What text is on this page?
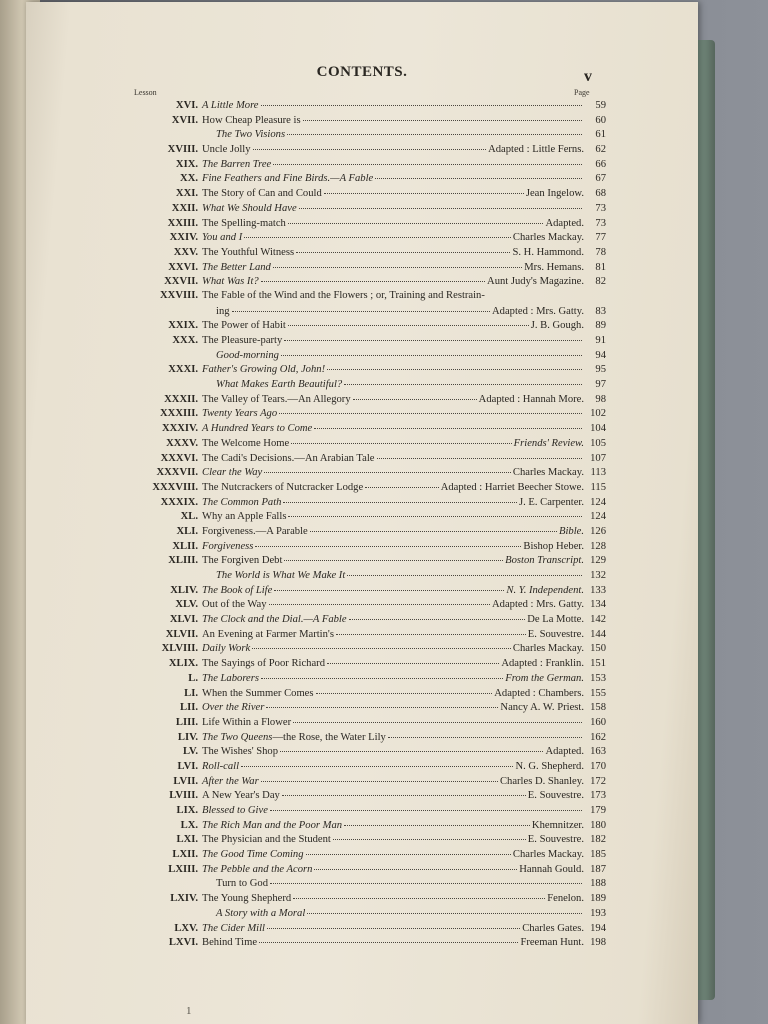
CONTENTS.	v
Lesson	Page
XVI. A Little More	59
XVII. How Cheap Pleasure is	60
The Two Visions	61
XVIII. Uncle Jolly	Adapted : Little Ferns.	62
XIX. The Barren Tree	66
XX. Fine Feathers and Fine Birds.—A Fable	67
XXI. The Story of Can and Could	Jean Ingelow.	68
XXII. What We Should Have	73
XXIII. The Spelling-match	Adapted.	73
XXIV. You and I	Charles Mackay.	77
XXV. The Youthful Witness	S. H. Hammond.	78
XXVI. The Better Land	Mrs. Hemans.	81
XXVII. What Was It?	Aunt Judy's Magazine.	82
XXVIII. The Fable of the Wind and the Flowers ; or, Training and Restrain-
ing	Adapted : Mrs. Gatty.	83
XXIX. The Power of Habit	J. B. Gough.	89
XXX. The Pleasure-party	91
Good-morning	94
XXXI. Father's Growing Old, John!	95
What Makes Earth Beautiful?	97
XXXII. The Valley of Tears.—An Allegory	Adapted : Hannah More.	98
XXXIII. Twenty Years Ago	102
XXXIV. A Hundred Years to Come	104
XXXV. The Welcome Home	Friends' Review. 105
XXXVI. The Cadi's Decisions.—An Arabian Tale	107
XXXVII. Clear the Way	Charles Mackay. 113
XXXVIII. The Nutcrackers of Nutcracker Lodge	Adapted : Harriet Beecher Stowe. 115
XXXIX. The Common Path	J. E. Carpenter. 124
XL. Why an Apple Falls	124
XLI. Forgiveness.—A Parable	Bible. 126
XLII. Forgiveness	Bishop Heber. 128
XLIII. The Forgiven Debt	Boston Transcript. 129
The World is What We Make It	132
XLIV. The Book of Life	N. Y. Independent. 133
XLV. Out of the Way	Adapted : Mrs. Gatty. 134
XLVI. The Clock and the Dial.—A Fable	De La Motte. 142
XLVII. An Evening at Farmer Martin's	E. Souvestre. 144
XLVIII. Daily Work	Charles Mackay. 150
XLIX. The Sayings of Poor Richard	Adapted : Franklin. 151
L. The Laborers	From the German. 153
LI. When the Summer Comes	Adapted : Chambers. 155
LII. Over the River	Nancy A. W. Priest. 158
LIII. Life Within a Flower	160
LIV. The Two Queens—the Rose, the Water Lily	162
LV. The Wishes' Shop	Adapted. 163
LVI. Roll-call	N. G. Shepherd. 170
LVII. After the War	Charles D. Shanley. 172
LVIII. A New Year's Day	E. Souvestre. 173
LIX. Blessed to Give	179
LX. The Rich Man and the Poor Man	Khemnitzer. 180
LXI. The Physician and the Student	E. Souvestre. 182
LXII. The Good Time Coming	Charles Mackay. 185
LXIII. The Pebble and the Acorn	Hannah Gould. 187
Turn to God	188
LXIV. The Young Shepherd	Fenelon. 189
A Story with a Moral	193
LXV. The Cider Mill	Charles Gates. 194
LXVI. Behind Time	Freeman Hunt. 198
1
